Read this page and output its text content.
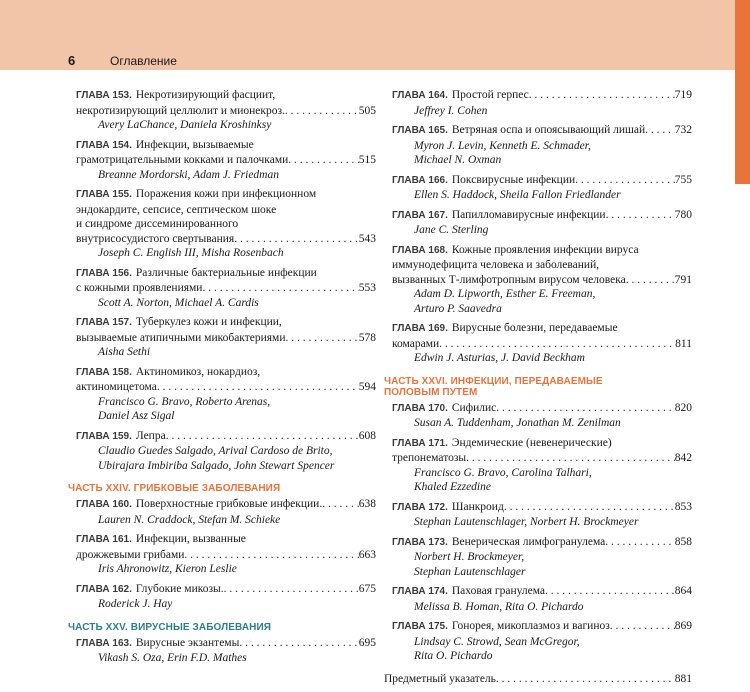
6	Оглавление
ГЛАВА 153. Некротизирующий фасциит,
некротизирующий целлюлит и мионекроз. . . .	505
Avery LaChance, Daniela Kroshinksy
ГЛАВА 154. Инфекции, вызываемые
грамотрицательными кокками и палочками . . .	515
Breanne Mordorski, Adam J. Friedman
ГЛАВА 155. Поражения кожи при инфекционном
эндокардите, сепсисе, септическом шоке
и синдроме диссеминированного
внутрисосудистого свертывания . . .	543
Joseph C. English III, Misha Rosenbach
ГЛАВА 156. Различные бактериальные инфекции
с кожными проявлениями . . .	553
Scott A. Norton, Michael A. Cardis
ГЛАВА 157. Туберкулез кожи и инфекции,
вызываемые атипичными микобактериями . . .	578
Aisha Sethi
ГЛАВА 158. Актиномикоз, нокардиоз,
актиномицетома . . .	594
Francisco G. Bravo, Roberto Arenas,
Daniel Asz Sigal
ГЛАВА 159. Лепра . . .	608
Claudio Guedes Salgado, Arival Cardoso de Brito,
Ubirajara Imbiriba Salgado, John Stewart Spencer
ЧАСТЬ XXIV. ГРИБКОВЫЕ ЗАБОЛЕВАНИЯ
ГЛАВА 160. Поверхностные грибковые инфекции. . . .	638
Lauren N. Craddock, Stefan M. Schieke
ГЛАВА 161. Инфекции, вызванные
дрожжевыми грибами . . .	663
Iris Ahronowitz, Kieron Leslie
ГЛАВА 162. Глубокие микозы. . . .	675
Roderick J. Hay
ЧАСТЬ XXV. ВИРУСНЫЕ ЗАБОЛЕВАНИЯ
ГЛАВА 163. Вирусные экзантемы . . .	695
Vikash S. Oza, Erin F.D. Mathes
ГЛАВА 164. Простой герпес . . .	719
Jeffrey I. Cohen
ГЛАВА 165. Ветряная оспа и опоясывающий лишай . . .	732
Myron J. Levin, Kenneth E. Schmader,
Michael N. Oxman
ГЛАВА 166. Поксвирусные инфекции . . .	755
Ellen S. Haddock, Sheila Fallon Friedlander
ГЛАВА 167. Папилломавирусные инфекции . . .	780
Jane C. Sterling
ГЛАВА 168. Кожные проявления инфекции вируса
иммунодефицита человека и заболеваний,
вызванных Т-лимфотропным вирусом человека . . .	791
Adam D. Lipworth, Esther E. Freeman,
Arturo P. Saavedra
ГЛАВА 169. Вирусные болезни, передаваемые
комарами . . .	811
Edwin J. Asturias, J. David Beckham
ЧАСТЬ XXVI. ИНФЕКЦИИ, ПЕРЕДАВАЕМЫЕ
ПОЛОВЫМ ПУТЕМ
ГЛАВА 170. Сифилис . . .	820
Susan A. Tuddenham, Jonathan M. Zenilman
ГЛАВА 171. Эндемические (невенерические)
трепонематозы . . .	842
Francisco G. Bravo, Carolina Talhari,
Khaled Ezzedine
ГЛАВА 172. Шанкроид . . .	853
Stephan Lautenschlager, Norbert H. Brockmeyer
ГЛАВА 173. Венерическая лимфогранулема . . .	858
Norbert H. Brockmeyer,
Stephan Lautenschlager
ГЛАВА 174. Паховая гранулема . . .	864
Melissa B. Homan, Rita O. Pichardo
ГЛАВА 175. Гонорея, микоплазмоз и вагиноз . . .	869
Lindsay C. Strowd, Sean McGregor,
Rita O. Pichardo
Предметный указатель . . .	881
